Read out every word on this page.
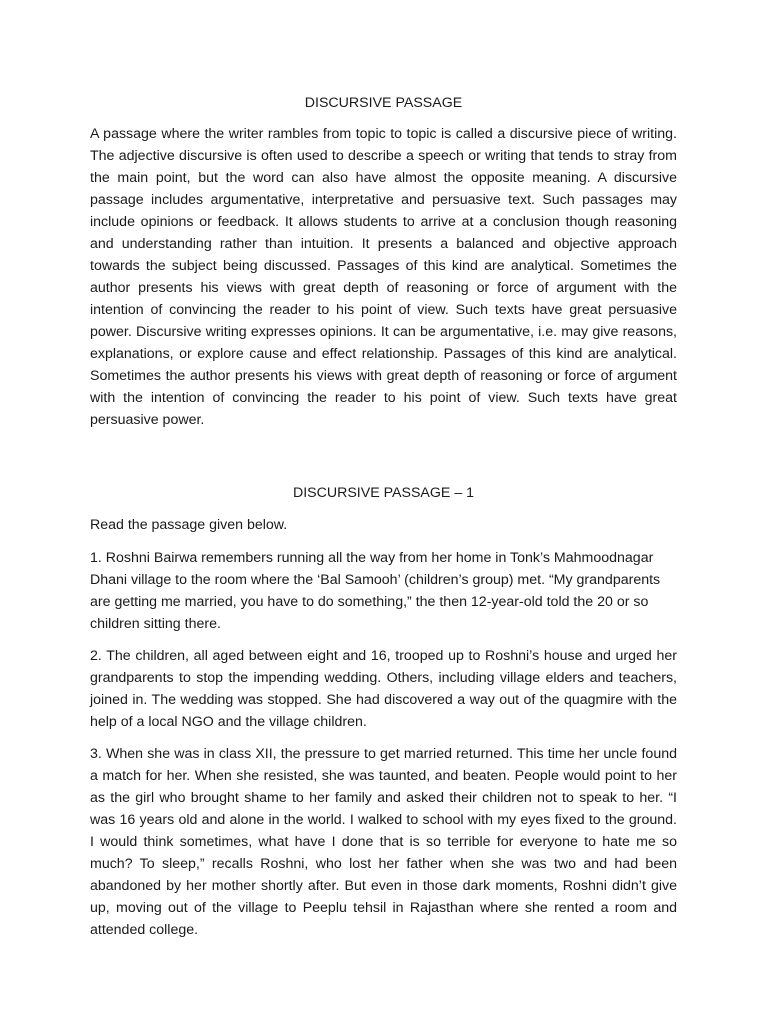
DISCURSIVE PASSAGE

A passage where the writer rambles from topic to topic is called a discursive piece of writing. The adjective discursive is often used to describe a speech or writing that tends to stray from the main point, but the word can also have almost the opposite meaning. A discursive passage includes argumentative, interpretative and persuasive text. Such passages may include opinions or feedback. It allows students to arrive at a conclusion though reasoning and understanding rather than intuition. It presents a balanced and objective approach towards the subject being discussed. Passages of this kind are analytical. Sometimes the author presents his views with great depth of reasoning or force of argument with the intention of convincing the reader to his point of view. Such texts have great persuasive power. Discursive writing expresses opinions. It can be argumentative, i.e. may give reasons, explanations, or explore cause and effect relationship. Passages of this kind are analytical. Sometimes the author presents his views with great depth of reasoning or force of argument with the intention of convincing the reader to his point of view. Such texts have great persuasive power.

DISCURSIVE PASSAGE – 1

Read the passage given below.

1. Roshni Bairwa remembers running all the way from her home in Tonk’s Mahmoodnagar Dhani village to the room where the ‘Bal Samooh’ (children’s group) met. “My grandparents are getting me married, you have to do something,” the then 12-year-old told the 20 or so children sitting there.

2. The children, all aged between eight and 16, trooped up to Roshni’s house and urged her grandparents to stop the impending wedding. Others, including village elders and teachers, joined in. The wedding was stopped. She had discovered a way out of the quagmire with the help of a local NGO and the village children.

3. When she was in class XII, the pressure to get married returned. This time her uncle found a match for her. When she resisted, she was taunted, and beaten. People would point to her as the girl who brought shame to her family and asked their children not to speak to her. “I was 16 years old and alone in the world. I walked to school with my eyes fixed to the ground. I would think sometimes, what have I done that is so terrible for everyone to hate me so much? To sleep,” recalls Roshni, who lost her father when she was two and had been abandoned by her mother shortly after. But even in those dark moments, Roshni didn’t give up, moving out of the village to Peeplu tehsil in Rajasthan where she rented a room and attended college.
